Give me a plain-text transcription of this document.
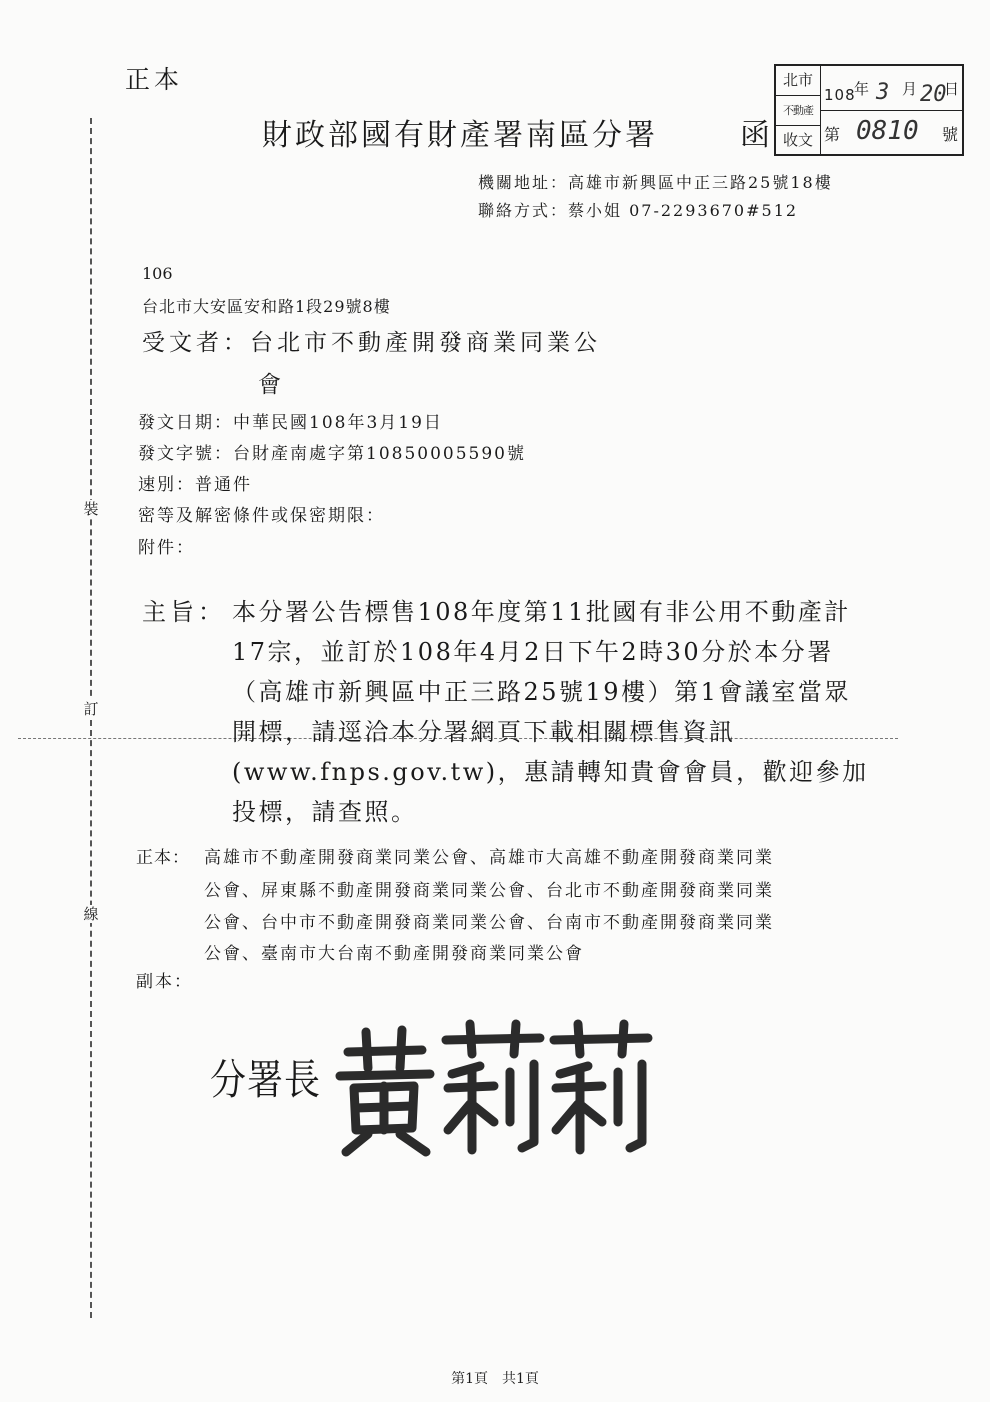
裝
訂
線
正本
財政部國有財產署南區分署	函
北市
不動產
收文
108
年 3 月 20
日
第 0810 號
機關地址：高雄市新興區中正三路25號18樓
聯絡方式：蔡小姐 07-2293670#512
106
台北市大安區安和路1段29號8樓
受文者：台北市不動產開發商業同業公
會
發文日期：中華民國108年3月19日
發文字號：台財產南處字第10850005590號
速別：普通件
密等及解密條件或保密期限：
附件：
主旨： 本分署公告標售108年度第11批國有非公用不動產計
17宗，並訂於108年4月2日下午2時30分於本分署
（高雄市新興區中正三路25號19樓）第1會議室當眾
開標，請逕洽本分署網頁下載相關標售資訊
(www.fnps.gov.tw)，惠請轉知貴會會員，歡迎參加
投標，請查照。
正本： 高雄市不動產開發商業同業公會、高雄市大高雄不動產開發商業同業
公會、屏東縣不動產開發商業同業公會、台北市不動產開發商業同業
公會、台中市不動產開發商業同業公會、台南市不動產開發商業同業
公會、臺南市大台南不動產開發商業同業公會
副本：
分署長
第1頁　共1頁
